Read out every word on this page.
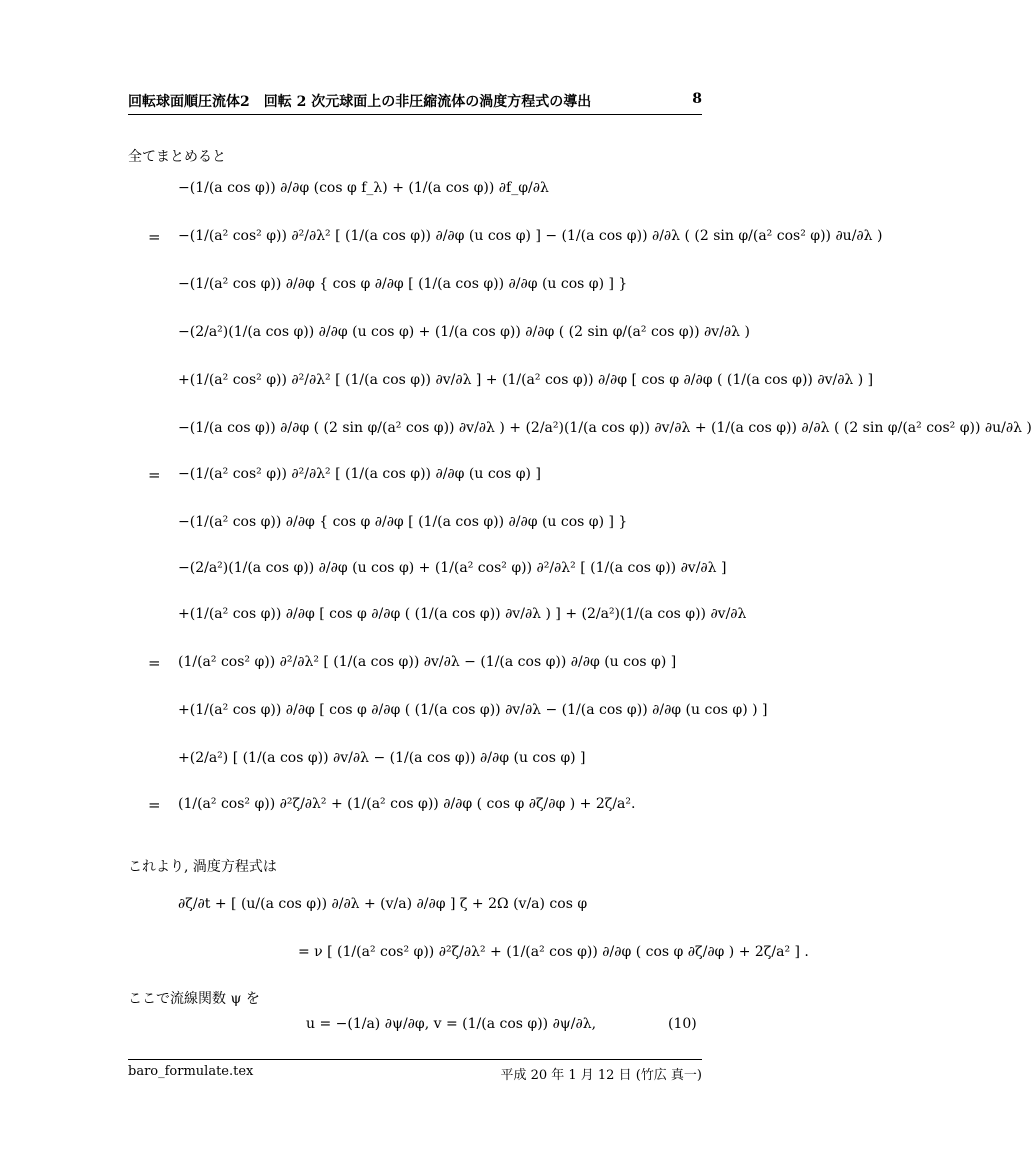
回転球面順圧流体2　回転 2 次元球面上の非圧縮流体の渦度方程式の導出	8
全てまとめると
−(1/(a cos φ)) ∂/∂φ (cos φ f_λ) + (1/(a cos φ)) ∂f_φ/∂λ
= −(1/(a² cos² φ)) ∂²/∂λ² [ (1/(a cos φ)) ∂/∂φ (u cos φ) ] − (1/(a cos φ)) ∂/∂λ ( (2 sin φ/(a² cos² φ)) ∂u/∂λ )
−(1/(a² cos φ)) ∂/∂φ { cos φ ∂/∂φ [ (1/(a cos φ)) ∂/∂φ (u cos φ) ] }
−(2/a²)(1/(a cos φ)) ∂/∂φ (u cos φ) + (1/(a cos φ)) ∂/∂φ ( (2 sin φ/(a² cos φ)) ∂v/∂λ )
+(1/(a² cos² φ)) ∂²/∂λ² [ (1/(a cos φ)) ∂v/∂λ ] + (1/(a² cos φ)) ∂/∂φ [ cos φ ∂/∂φ ( (1/(a cos φ)) ∂v/∂λ ) ]
−(1/(a cos φ)) ∂/∂φ ( (2 sin φ/(a² cos φ)) ∂v/∂λ ) + (2/a²)(1/(a cos φ)) ∂v/∂λ + (1/(a cos φ)) ∂/∂λ ( (2 sin φ/(a² cos² φ)) ∂u/∂λ )
= −(1/(a² cos² φ)) ∂²/∂λ² [ (1/(a cos φ)) ∂/∂φ (u cos φ) ]
−(1/(a² cos φ)) ∂/∂φ { cos φ ∂/∂φ [ (1/(a cos φ)) ∂/∂φ (u cos φ) ] }
−(2/a²)(1/(a cos φ)) ∂/∂φ (u cos φ) + (1/(a² cos² φ)) ∂²/∂λ² [ (1/(a cos φ)) ∂v/∂λ ]
+(1/(a² cos φ)) ∂/∂φ [ cos φ ∂/∂φ ( (1/(a cos φ)) ∂v/∂λ ) ] + (2/a²)(1/(a cos φ)) ∂v/∂λ
= (1/(a² cos² φ)) ∂²/∂λ² [ (1/(a cos φ)) ∂v/∂λ − (1/(a cos φ)) ∂/∂φ (u cos φ) ]
+(1/(a² cos φ)) ∂/∂φ [ cos φ ∂/∂φ ( (1/(a cos φ)) ∂v/∂λ − (1/(a cos φ)) ∂/∂φ (u cos φ) ) ]
+(2/a²) [ (1/(a cos φ)) ∂v/∂λ − (1/(a cos φ)) ∂/∂φ (u cos φ) ]
= (1/(a² cos² φ)) ∂²ζ/∂λ² + (1/(a² cos φ)) ∂/∂φ ( cos φ ∂ζ/∂φ ) + 2ζ/a².
これより, 渦度方程式は
∂ζ/∂t + [ (u/(a cos φ)) ∂/∂λ + (v/a) ∂/∂φ ] ζ + 2Ω (v/a) cos φ
= ν [ (1/(a² cos² φ)) ∂²ζ/∂λ² + (1/(a² cos φ)) ∂/∂φ ( cos φ ∂ζ/∂φ ) + 2ζ/a² ] .
ここで流線関数 ψ を
u = −(1/a) ∂ψ/∂φ, v = (1/(a cos φ)) ∂ψ/∂λ,	(10)
baro_formulate.tex	平成 20 年 1 月 12 日 (竹広 真一)
